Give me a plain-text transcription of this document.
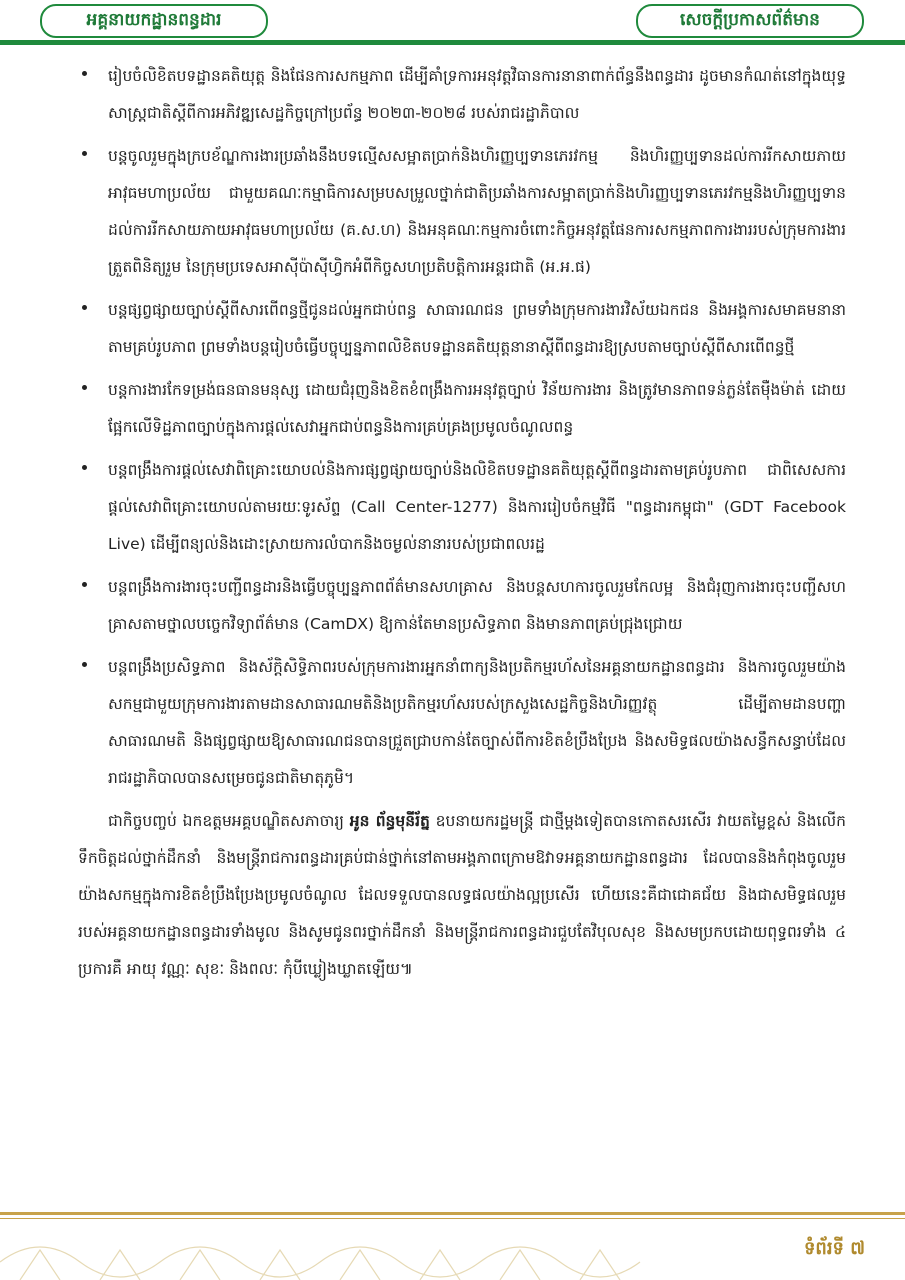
អគ្គនាយកដ្ឋានពន្ធដារ	សេចក្តីប្រកាសព័ត៌មាន
រៀបចំលិខិតបទដ្ឋានគតិយុត្ត និងផែនការសកម្មភាព ដើម្បីគាំទ្រការអនុវត្តវិធានការនានាពាក់ព័ន្ធនឹងពន្ធដារ ដូចមានកំណត់នៅក្នុងយុទ្ធសាស្ត្រជាតិស្តីពីការអភិវឌ្ឍសេដ្ឋកិច្ចក្រៅប្រព័ន្ធ ២០២៣-២០២៨ របស់រាជរដ្ឋាភិបាល
បន្តចូលរួមក្នុងក្របខ័ណ្ឌការងារប្រឆាំងនឹងបទល្មើសសម្អាតប្រាក់និងហិរញ្ញប្បទានភេរវកម្ម និងហិរញ្ញប្បទានដល់ការរីកសាយភាយអាវុធមហាប្រល័យ ជាមួយគណៈកម្មាធិការសម្របសម្រួលថ្នាក់ជាតិប្រឆាំងការសម្អាតប្រាក់និងហិរញ្ញប្បទានភេរវកម្មនិងហិរញ្ញប្បទានដល់ការរីកសាយភាយអាវុធមហាប្រល័យ (គ.ស.ហ) និងអនុគណៈកម្មការចំពោះកិច្ចអនុវត្តផែនការសកម្មភាពការងាររបស់ក្រុមការងារត្រួតពិនិត្យរួម នៃក្រុមប្រទេសអាស៊ីប៉ាស៊ីហ្វិកអំពីកិច្ចសហប្រតិបត្តិការអន្តរជាតិ (អ.អ.ផ)
បន្តផ្សព្វផ្សាយច្បាប់ស្តីពីសារពើពន្ធថ្មីជូនដល់អ្នកជាប់ពន្ធ សាធារណជន ព្រមទាំងក្រុមការងារវិស័យឯកជន និងអង្គការសមាគមនានាតាមគ្រប់រូបភាព ព្រមទាំងបន្តរៀបចំធ្វើបច្ចុប្បន្នភាពលិខិតបទដ្ឋានគតិយុត្តនានាស្តីពីពន្ធដារឱ្យស្របតាមច្បាប់ស្តីពីសារពើពន្ធថ្មី
បន្តការងារកែទម្រង់ធនធានមនុស្ស ដោយជំរុញនិងខិតខំពង្រឹងការអនុវត្តច្បាប់ វិន័យការងារ និងត្រូវមានភាពទន់ភ្លន់តែម៉ឺងម៉ាត់ ដោយផ្អែកលើទិដ្ឋភាពច្បាប់ក្នុងការផ្តល់សេវាអ្នកជាប់ពន្ធនិងការគ្រប់គ្រងប្រមូលចំណូលពន្ធ
បន្តពង្រឹងការផ្តល់សេវាពិគ្រោះយោបល់និងការផ្សព្វផ្សាយច្បាប់និងលិខិតបទដ្ឋានគតិយុត្តស្តីពីពន្ធដារតាមគ្រប់រូបភាព ជាពិសេសការផ្តល់សេវាពិគ្រោះយោបល់តាមរយៈទូរស័ព្ទ (Call Center-1277) និងការរៀបចំកម្មវិធី "ពន្ធដារកម្ពុជា" (GDT Facebook Live) ដើម្បីពន្យល់និងដោះស្រាយការលំបាកនិងចម្ងល់នានារបស់ប្រជាពលរដ្ឋ
បន្តពង្រឹងការងារចុះបញ្ជីពន្ធដារនិងធ្វើបច្ចុប្បន្នភាពព័ត៌មានសហគ្រាស និងបន្តសហការចូលរួមកែលម្អ និងជំរុញការងារចុះបញ្ជីសហគ្រាសតាមថ្នាលបច្ចេកវិទ្យាព័ត៌មាន (CamDX) ឱ្យកាន់តែមានប្រសិទ្ធភាព និងមានភាពគ្រប់ជ្រុងជ្រោយ
បន្តពង្រឹងប្រសិទ្ធភាព និងស័ក្តិសិទ្ធិភាពរបស់ក្រុមការងារអ្នកនាំពាក្យនិងប្រតិកម្មរហ័សនៃអគ្គនាយកដ្ឋានពន្ធដារ និងការចូលរួមយ៉ាងសកម្មជាមួយក្រុមការងារតាមដានសាធារណមតិនិងប្រតិកម្មរហ័សរបស់ក្រសួងសេដ្ឋកិច្ចនិងហិរញ្ញវត្ថុ ដើម្បីតាមដានបញ្ហាសាធារណមតិ និងផ្សព្វផ្សាយឱ្យសាធារណជនបានជ្រួតជ្រាបកាន់តែច្បាស់ពីការខិតខំប្រឹងប្រែង និងសមិទ្ធផលយ៉ាងសន្ធឹកសន្ធាប់ដែលរាជរដ្ឋាភិបាលបានសម្រេចជូនជាតិមាតុភូមិ។
ជាកិច្ចបញ្ចប់ ឯកឧត្តមអគ្គបណ្ឌិតសភាចារ្យ អូន ព័ន្ធមុនីរ័ត្ន ឧបនាយករដ្ឋមន្ត្រី ជាថ្មីម្តងទៀតបានកោតសរសើរ វាយតម្លៃខ្ពស់ និងលើកទឹកចិត្តដល់ថ្នាក់ដឹកនាំ និងមន្ត្រីរាជការពន្ធដារគ្រប់ជាន់ថ្នាក់នៅតាមអង្គភាពក្រោមឱវាទអគ្គនាយកដ្ឋានពន្ធដារ ដែលបាននិងកំពុងចូលរួមយ៉ាងសកម្មក្នុងការខិតខំប្រឹងប្រែងប្រមូលចំណូល ដែលទទួលបានលទ្ធផលយ៉ាងល្អប្រសើរ ហើយនេះគឺជាជោគជ័យ និងជាសមិទ្ធផលរួមរបស់អគ្គនាយកដ្ឋានពន្ធដារទាំងមូល និងសូមជូនពរថ្នាក់ដឹកនាំ និងមន្ត្រីរាជការពន្ធដារជួបតែវិបុលសុខ និងសមប្រកបដោយពុទ្ធពរទាំង ៤ ប្រការគឺ អាយុ វណ្ណៈ សុខៈ និងពលៈ កុំបីឃ្លៀងឃ្លាតឡើយ៕
ទំព័រទី ៧
